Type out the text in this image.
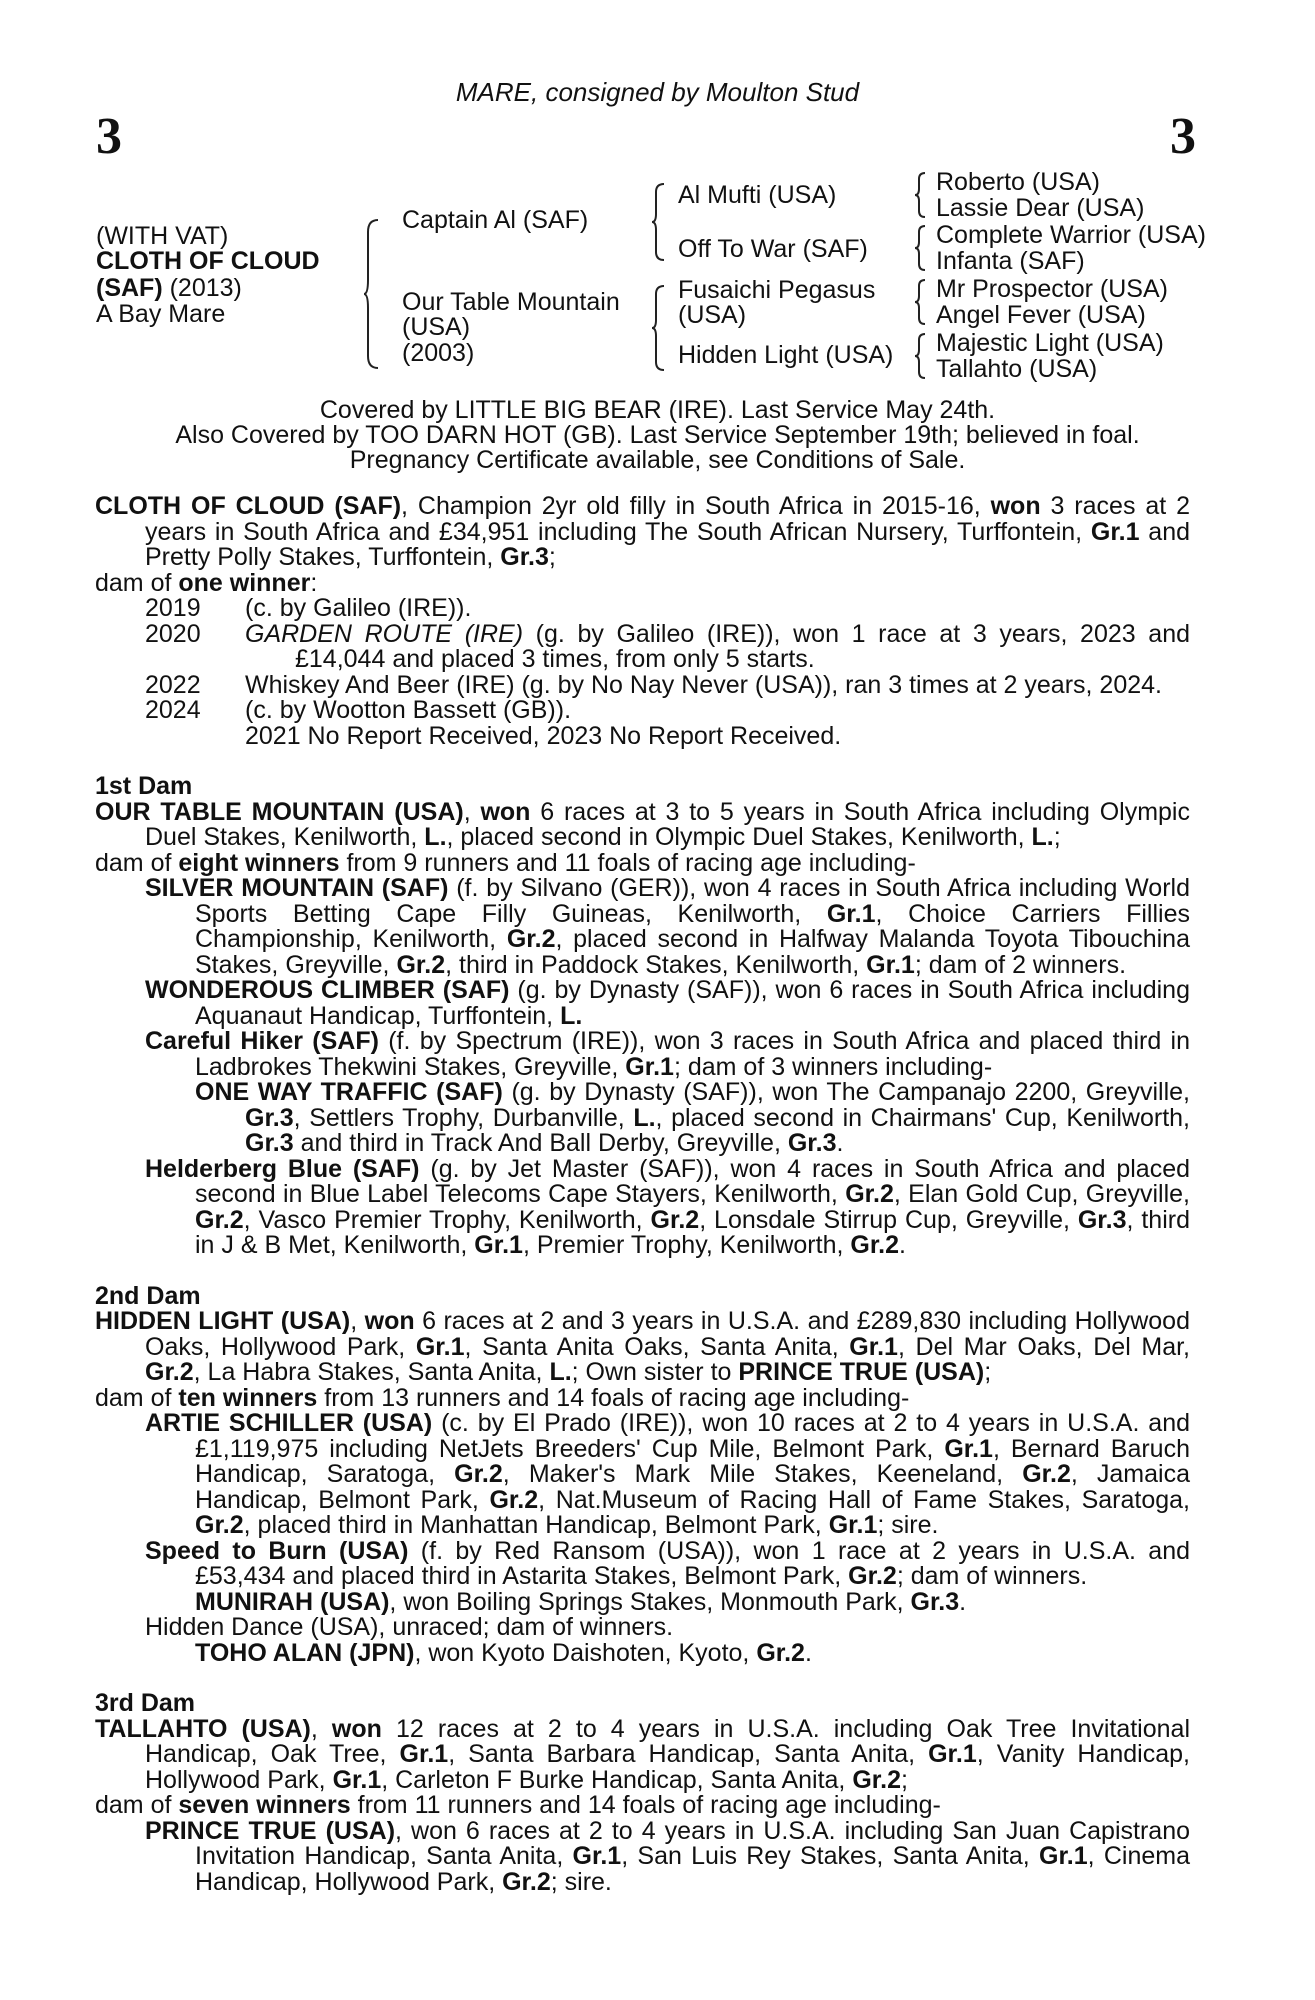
MARE, consigned by Moulton Stud
3	3
(WITH VAT)
CLOTH OF CLOUD
(SAF) (2013)
A Bay Mare
Captain Al (SAF)
Our Table Mountain
(USA)
(2003)
Al Mufti (USA)
Off To War (SAF)
Fusaichi Pegasus
(USA)
Hidden Light (USA)
Roberto (USA)
Lassie Dear (USA)
Complete Warrior (USA)
Infanta (SAF)
Mr Prospector (USA)
Angel Fever (USA)
Majestic Light (USA)
Tallahto (USA)
Covered by LITTLE BIG BEAR (IRE). Last Service May 24th.
Also Covered by TOO DARN HOT (GB). Last Service September 19th; believed in foal.
Pregnancy Certificate available, see Conditions of Sale.
CLOTH OF CLOUD (SAF), Champion 2yr old filly in South Africa in 2015-16, won 3 races at 2 years in South Africa and £34,951 including The South African Nursery, Turffontein, Gr.1 and Pretty Polly Stakes, Turffontein, Gr.3;
dam of one winner:
2019	(c. by Galileo (IRE)).
2020	GARDEN ROUTE (IRE) (g. by Galileo (IRE)), won 1 race at 3 years, 2023 and £14,044 and placed 3 times, from only 5 starts.
2022	Whiskey And Beer (IRE) (g. by No Nay Never (USA)), ran 3 times at 2 years, 2024.
2024	(c. by Wootton Bassett (GB)).
2021 No Report Received, 2023 No Report Received.
1st Dam
OUR TABLE MOUNTAIN (USA), won 6 races at 3 to 5 years in South Africa including Olympic Duel Stakes, Kenilworth, L., placed second in Olympic Duel Stakes, Kenilworth, L.;
dam of eight winners from 9 runners and 11 foals of racing age including-
SILVER MOUNTAIN (SAF) (f. by Silvano (GER)), won 4 races in South Africa including World Sports Betting Cape Filly Guineas, Kenilworth, Gr.1, Choice Carriers Fillies Championship, Kenilworth, Gr.2, placed second in Halfway Malanda Toyota Tibouchina Stakes, Greyville, Gr.2, third in Paddock Stakes, Kenilworth, Gr.1; dam of 2 winners.
WONDEROUS CLIMBER (SAF) (g. by Dynasty (SAF)), won 6 races in South Africa including Aquanaut Handicap, Turffontein, L.
Careful Hiker (SAF) (f. by Spectrum (IRE)), won 3 races in South Africa and placed third in Ladbrokes Thekwini Stakes, Greyville, Gr.1; dam of 3 winners including-
ONE WAY TRAFFIC (SAF) (g. by Dynasty (SAF)), won The Campanajo 2200, Greyville, Gr.3, Settlers Trophy, Durbanville, L., placed second in Chairmans' Cup, Kenilworth, Gr.3 and third in Track And Ball Derby, Greyville, Gr.3.
Helderberg Blue (SAF) (g. by Jet Master (SAF)), won 4 races in South Africa and placed second in Blue Label Telecoms Cape Stayers, Kenilworth, Gr.2, Elan Gold Cup, Greyville, Gr.2, Vasco Premier Trophy, Kenilworth, Gr.2, Lonsdale Stirrup Cup, Greyville, Gr.3, third in J & B Met, Kenilworth, Gr.1, Premier Trophy, Kenilworth, Gr.2.
2nd Dam
HIDDEN LIGHT (USA), won 6 races at 2 and 3 years in U.S.A. and £289,830 including Hollywood Oaks, Hollywood Park, Gr.1, Santa Anita Oaks, Santa Anita, Gr.1, Del Mar Oaks, Del Mar, Gr.2, La Habra Stakes, Santa Anita, L.; Own sister to PRINCE TRUE (USA);
dam of ten winners from 13 runners and 14 foals of racing age including-
ARTIE SCHILLER (USA) (c. by El Prado (IRE)), won 10 races at 2 to 4 years in U.S.A. and £1,119,975 including NetJets Breeders' Cup Mile, Belmont Park, Gr.1, Bernard Baruch Handicap, Saratoga, Gr.2, Maker's Mark Mile Stakes, Keeneland, Gr.2, Jamaica Handicap, Belmont Park, Gr.2, Nat.Museum of Racing Hall of Fame Stakes, Saratoga, Gr.2, placed third in Manhattan Handicap, Belmont Park, Gr.1; sire.
Speed to Burn (USA) (f. by Red Ransom (USA)), won 1 race at 2 years in U.S.A. and £53,434 and placed third in Astarita Stakes, Belmont Park, Gr.2; dam of winners.
MUNIRAH (USA), won Boiling Springs Stakes, Monmouth Park, Gr.3.
Hidden Dance (USA), unraced; dam of winners.
TOHO ALAN (JPN), won Kyoto Daishoten, Kyoto, Gr.2.
3rd Dam
TALLAHTO (USA), won 12 races at 2 to 4 years in U.S.A. including Oak Tree Invitational Handicap, Oak Tree, Gr.1, Santa Barbara Handicap, Santa Anita, Gr.1, Vanity Handicap, Hollywood Park, Gr.1, Carleton F Burke Handicap, Santa Anita, Gr.2;
dam of seven winners from 11 runners and 14 foals of racing age including-
PRINCE TRUE (USA), won 6 races at 2 to 4 years in U.S.A. including San Juan Capistrano Invitation Handicap, Santa Anita, Gr.1, San Luis Rey Stakes, Santa Anita, Gr.1, Cinema Handicap, Hollywood Park, Gr.2; sire.
